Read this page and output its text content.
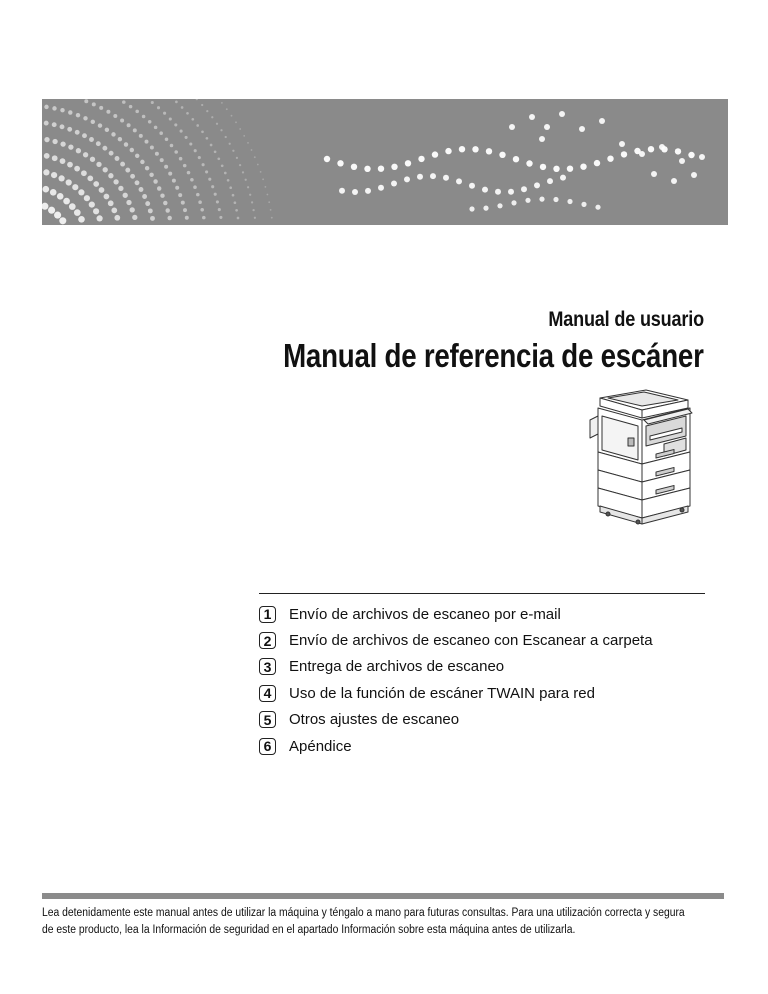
Manual de usuario
Manual de referencia de escáner
1	Envío de archivos de escaneo por e-mail
2	Envío de archivos de escaneo con Escanear a carpeta
3	Entrega de archivos de escaneo
4	Uso de la función de escáner TWAIN para red
5	Otros ajustes de escaneo
6	Apéndice
Lea detenidamente este manual antes de utilizar la máquina y téngalo a mano para futuras consultas. Para una utilización correcta y segura
de este producto, lea la Información de seguridad en el apartado Información sobre esta máquina antes de utilizarla.
